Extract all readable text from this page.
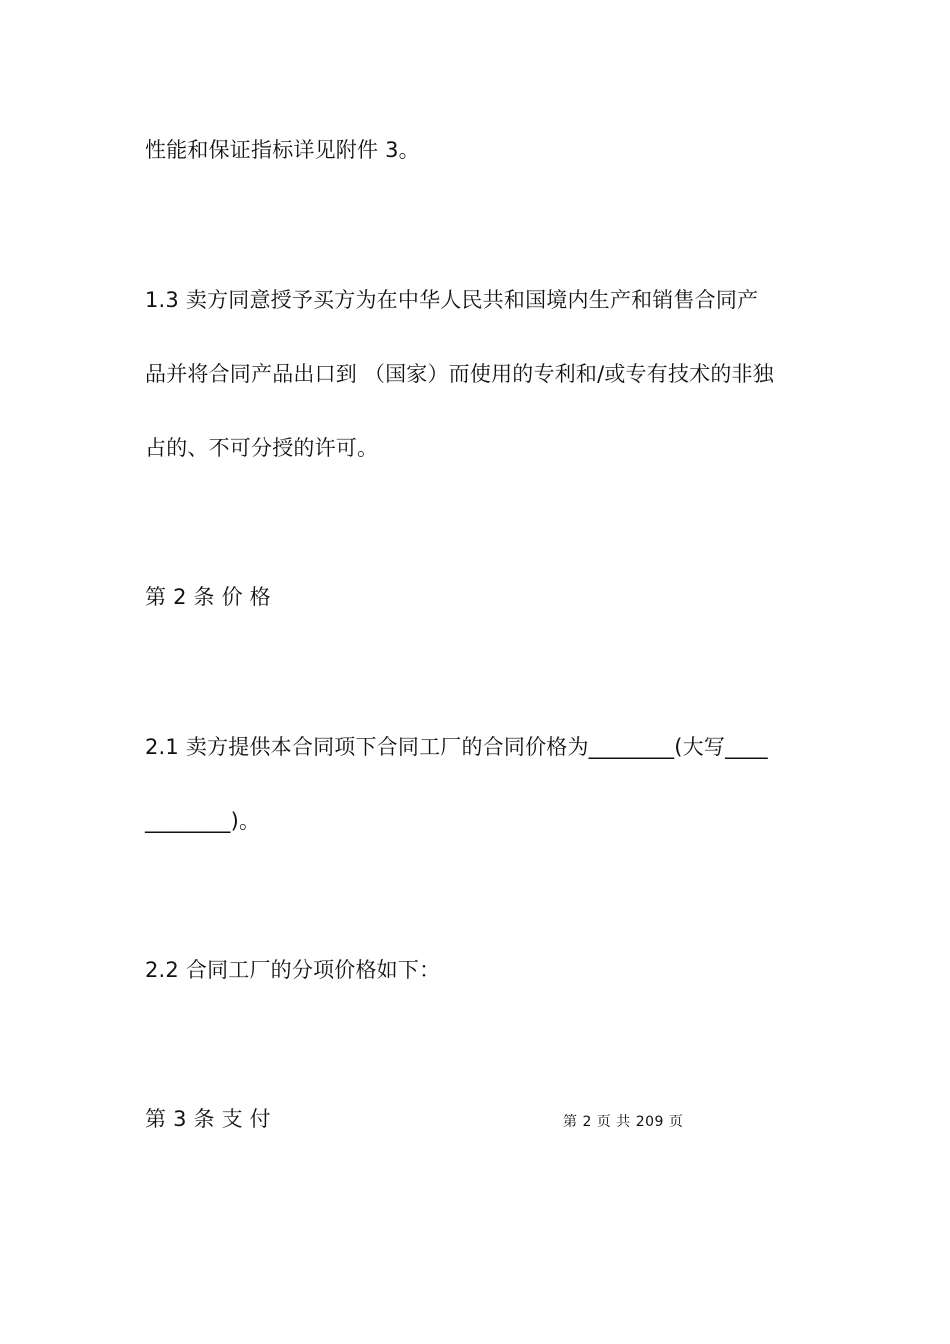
性能和保证指标详见附件 3。
1.3 卖方同意授予买方为在中华人民共和国境内生产和销售合同产
品并将合同产品出口到 （国家）而使用的专利和/或专有技术的非独
占的、不可分授的许可。
第 2 条 价 格
2.1 卖方提供本合同项下合同工厂的合同价格为________(大写____
________)。
2.2 合同工厂的分项价格如下：
第 3 条 支 付	第 2 页 共 209 页
